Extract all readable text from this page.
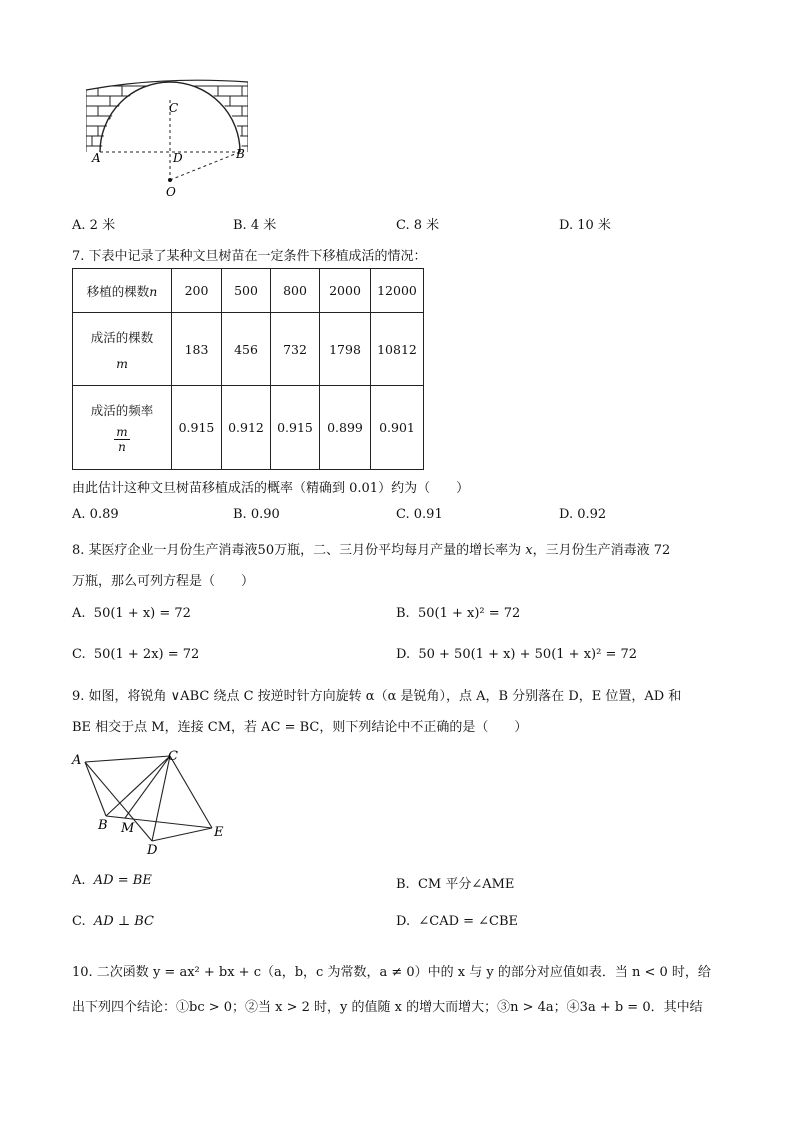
A	B
C
D
O
A. 2 米	B. 4 米	C. 8 米	D. 10 米
7. 下表中记录了某种文旦树苗在一定条件下移植成活的情况：
移植的棵数n	200	500	800	2000	12000

成活的棵数
m	183	456	732	1798	10812

成活的频率
$\frac{m}{n}$	0.915	0.912	0.915	0.899	0.901
由此估计这种文旦树苗移植成活的概率（精确到 0.01）约为（　　）
A. 0.89	B. 0.90	C. 0.91	D. 0.92
8. 某医疗企业一月份生产消毒液50万瓶，二、三月份平均每月产量的增长率为 x，三月份生产消毒液 72
万瓶，那么可列方程是（　　）
A. 50(1 + x) = 72	B. 50(1 + x)² = 72
C. 50(1 + 2x) = 72	D. 50 + 50(1 + x) + 50(1 + x)² = 72
9. 如图，将锐角 ∨ABC 绕点 C 按逆时针方向旋转 α（α 是锐角），点 A，B 分别落在 D，E 位置，AD 和
BE 相交于点 M，连接 CM，若 AC = BC，则下列结论中不正确的是（　　）
A	C
B M
D
E
A. AD = BE	B. CM 平分∠AME
C. AD ⊥ BC	D. ∠CAD = ∠CBE
10. 二次函数 y = ax² + bx + c（a，b，c 为常数，a ≠ 0）中的 x 与 y 的部分对应值如表．当 n < 0 时，给
出下列四个结论：①bc > 0；②当 x > 2 时，y 的值随 x 的增大而增大；③n > 4a；④3a + b = 0．其中结
